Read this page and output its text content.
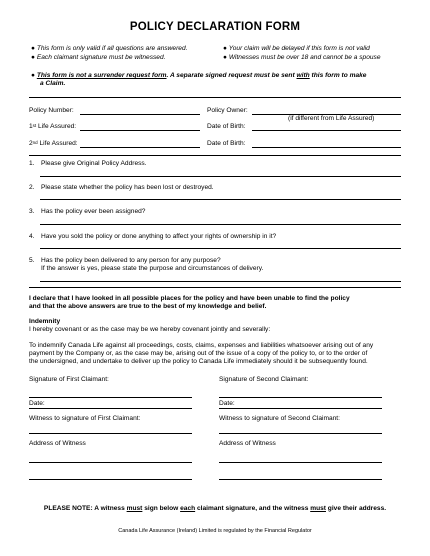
POLICY DECLARATION FORM
● This form is only valid if all questions are answered.
● Each claimant signature must be witnessed.
● Your claim will be delayed if this form is not valid
● Witnesses must be over 18 and cannot be a spouse
● This form is not a surrender request form. A separate signed request must be sent with this form to make
a Claim.
Policy Number:	Policy Owner:
(if different from Life Assured)
1st Life Assured:	Date of Birth:
2nd Life Assured:	Date of Birth:
1. Please give Original Policy Address.
2. Please state whether the policy has been lost or destroyed.
3. Has the policy ever been assigned?
4. Have you sold the policy or done anything to affect your rights of ownership in it?
5. Has the policy been delivered to any person for any purpose?
If the answer is yes, please state the purpose and circumstances of delivery.
I declare that I have looked in all possible places for the policy and have been unable to find the policy
and that the above answers are true to the best of my knowledge and belief.
Indemnity
I hereby covenant or as the case may be we hereby covenant jointly and severally:
To indemnify Canada Life against all proceedings, costs, claims, expenses and liabilities whatsoever arising out of any
payment by the Company or, as the case may be, arising out of the issue of a copy of the policy to, or to the order of
the undersigned, and undertake to deliver up the policy to Canada Life immediately should it be subsequently found.
Signature of First Claimant:	Signature of Second Claimant:
Date:	Date:
Witness to signature of First Claimant:	Witness to signature of Second Claimant:
Address of Witness	Address of Witness
PLEASE NOTE: A witness must sign below each claimant signature, and the witness must give their address.
Canada Life Assurance (Ireland) Limited is regulated by the Financial Regulator
